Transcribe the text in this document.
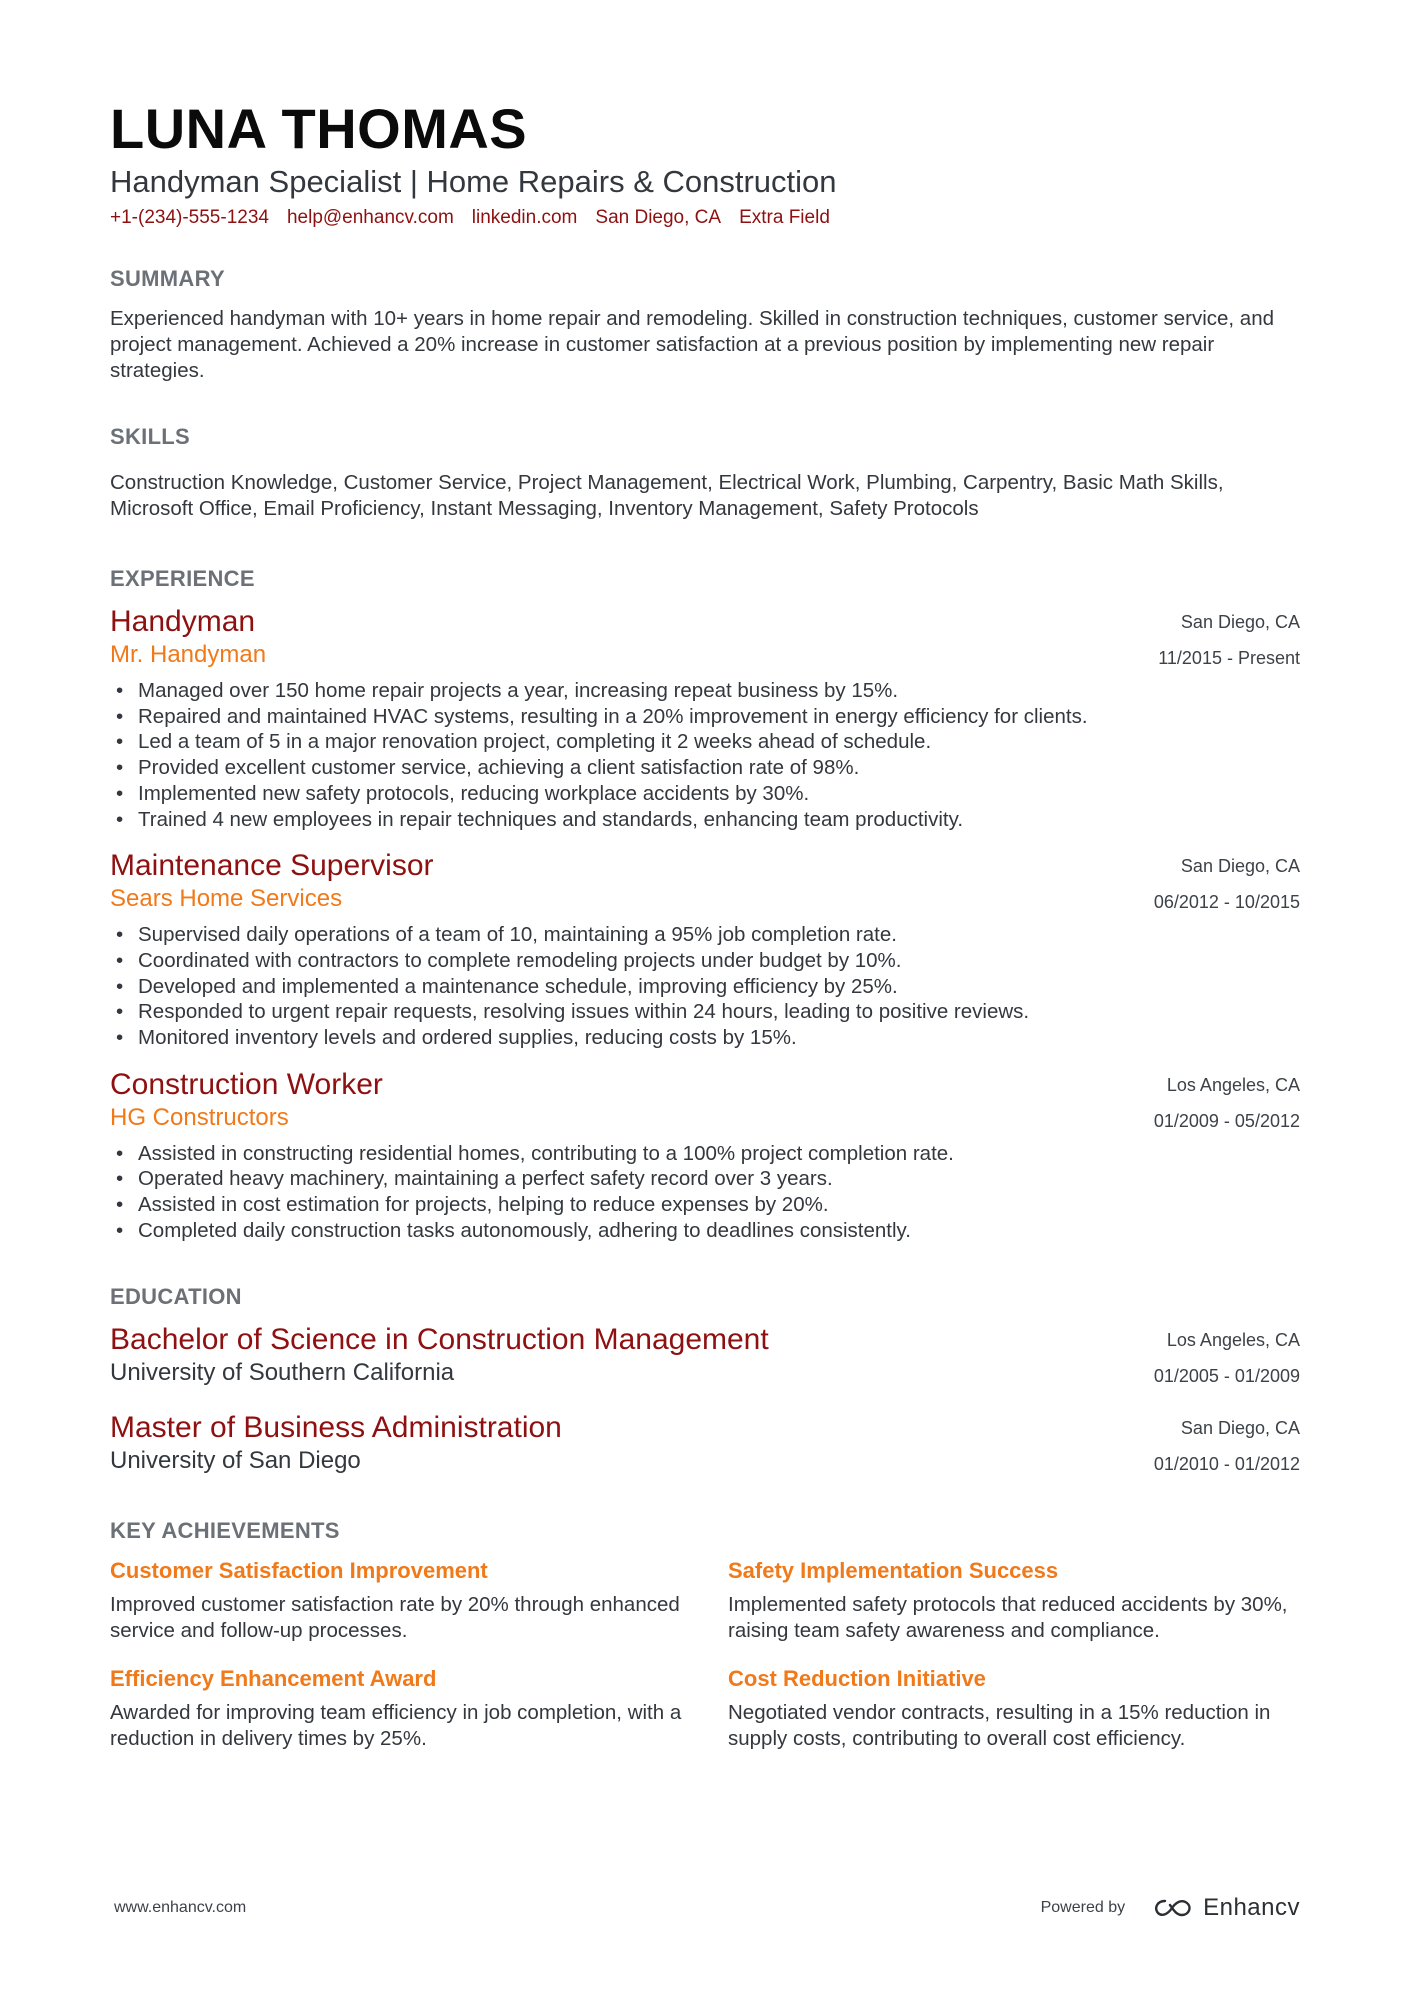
LUNA THOMAS
Handyman Specialist | Home Repairs & Construction
+1-(234)-555-1234 help@enhancv.com linkedin.com San Diego, CA Extra Field
SUMMARY
Experienced handyman with 10+ years in home repair and remodeling. Skilled in construction techniques, customer service, and project management. Achieved a 20% increase in customer satisfaction at a previous position by implementing new repair strategies.
SKILLS
Construction Knowledge, Customer Service, Project Management, Electrical Work, Plumbing, Carpentry, Basic Math Skills, Microsoft Office, Email Proficiency, Instant Messaging, Inventory Management, Safety Protocols
EXPERIENCE
Handyman
Mr. Handyman
San Diego, CA
11/2015 - Present
• Managed over 150 home repair projects a year, increasing repeat business by 15%.
• Repaired and maintained HVAC systems, resulting in a 20% improvement in energy efficiency for clients.
• Led a team of 5 in a major renovation project, completing it 2 weeks ahead of schedule.
• Provided excellent customer service, achieving a client satisfaction rate of 98%.
• Implemented new safety protocols, reducing workplace accidents by 30%.
• Trained 4 new employees in repair techniques and standards, enhancing team productivity.
Maintenance Supervisor
Sears Home Services
San Diego, CA
06/2012 - 10/2015
• Supervised daily operations of a team of 10, maintaining a 95% job completion rate.
• Coordinated with contractors to complete remodeling projects under budget by 10%.
• Developed and implemented a maintenance schedule, improving efficiency by 25%.
• Responded to urgent repair requests, resolving issues within 24 hours, leading to positive reviews.
• Monitored inventory levels and ordered supplies, reducing costs by 15%.
Construction Worker
HG Constructors
Los Angeles, CA
01/2009 - 05/2012
• Assisted in constructing residential homes, contributing to a 100% project completion rate.
• Operated heavy machinery, maintaining a perfect safety record over 3 years.
• Assisted in cost estimation for projects, helping to reduce expenses by 20%.
• Completed daily construction tasks autonomously, adhering to deadlines consistently.
EDUCATION
Bachelor of Science in Construction Management
University of Southern California
Los Angeles, CA
01/2005 - 01/2009
Master of Business Administration
University of San Diego
San Diego, CA
01/2010 - 01/2012
KEY ACHIEVEMENTS
Customer Satisfaction Improvement
Improved customer satisfaction rate by 20% through enhanced service and follow-up processes.
Safety Implementation Success
Implemented safety protocols that reduced accidents by 30%, raising team safety awareness and compliance.
Efficiency Enhancement Award
Awarded for improving team efficiency in job completion, with a reduction in delivery times by 25%.
Cost Reduction Initiative
Negotiated vendor contracts, resulting in a 15% reduction in supply costs, contributing to overall cost efficiency.
www.enhancv.com	Powered by	Enhancv
